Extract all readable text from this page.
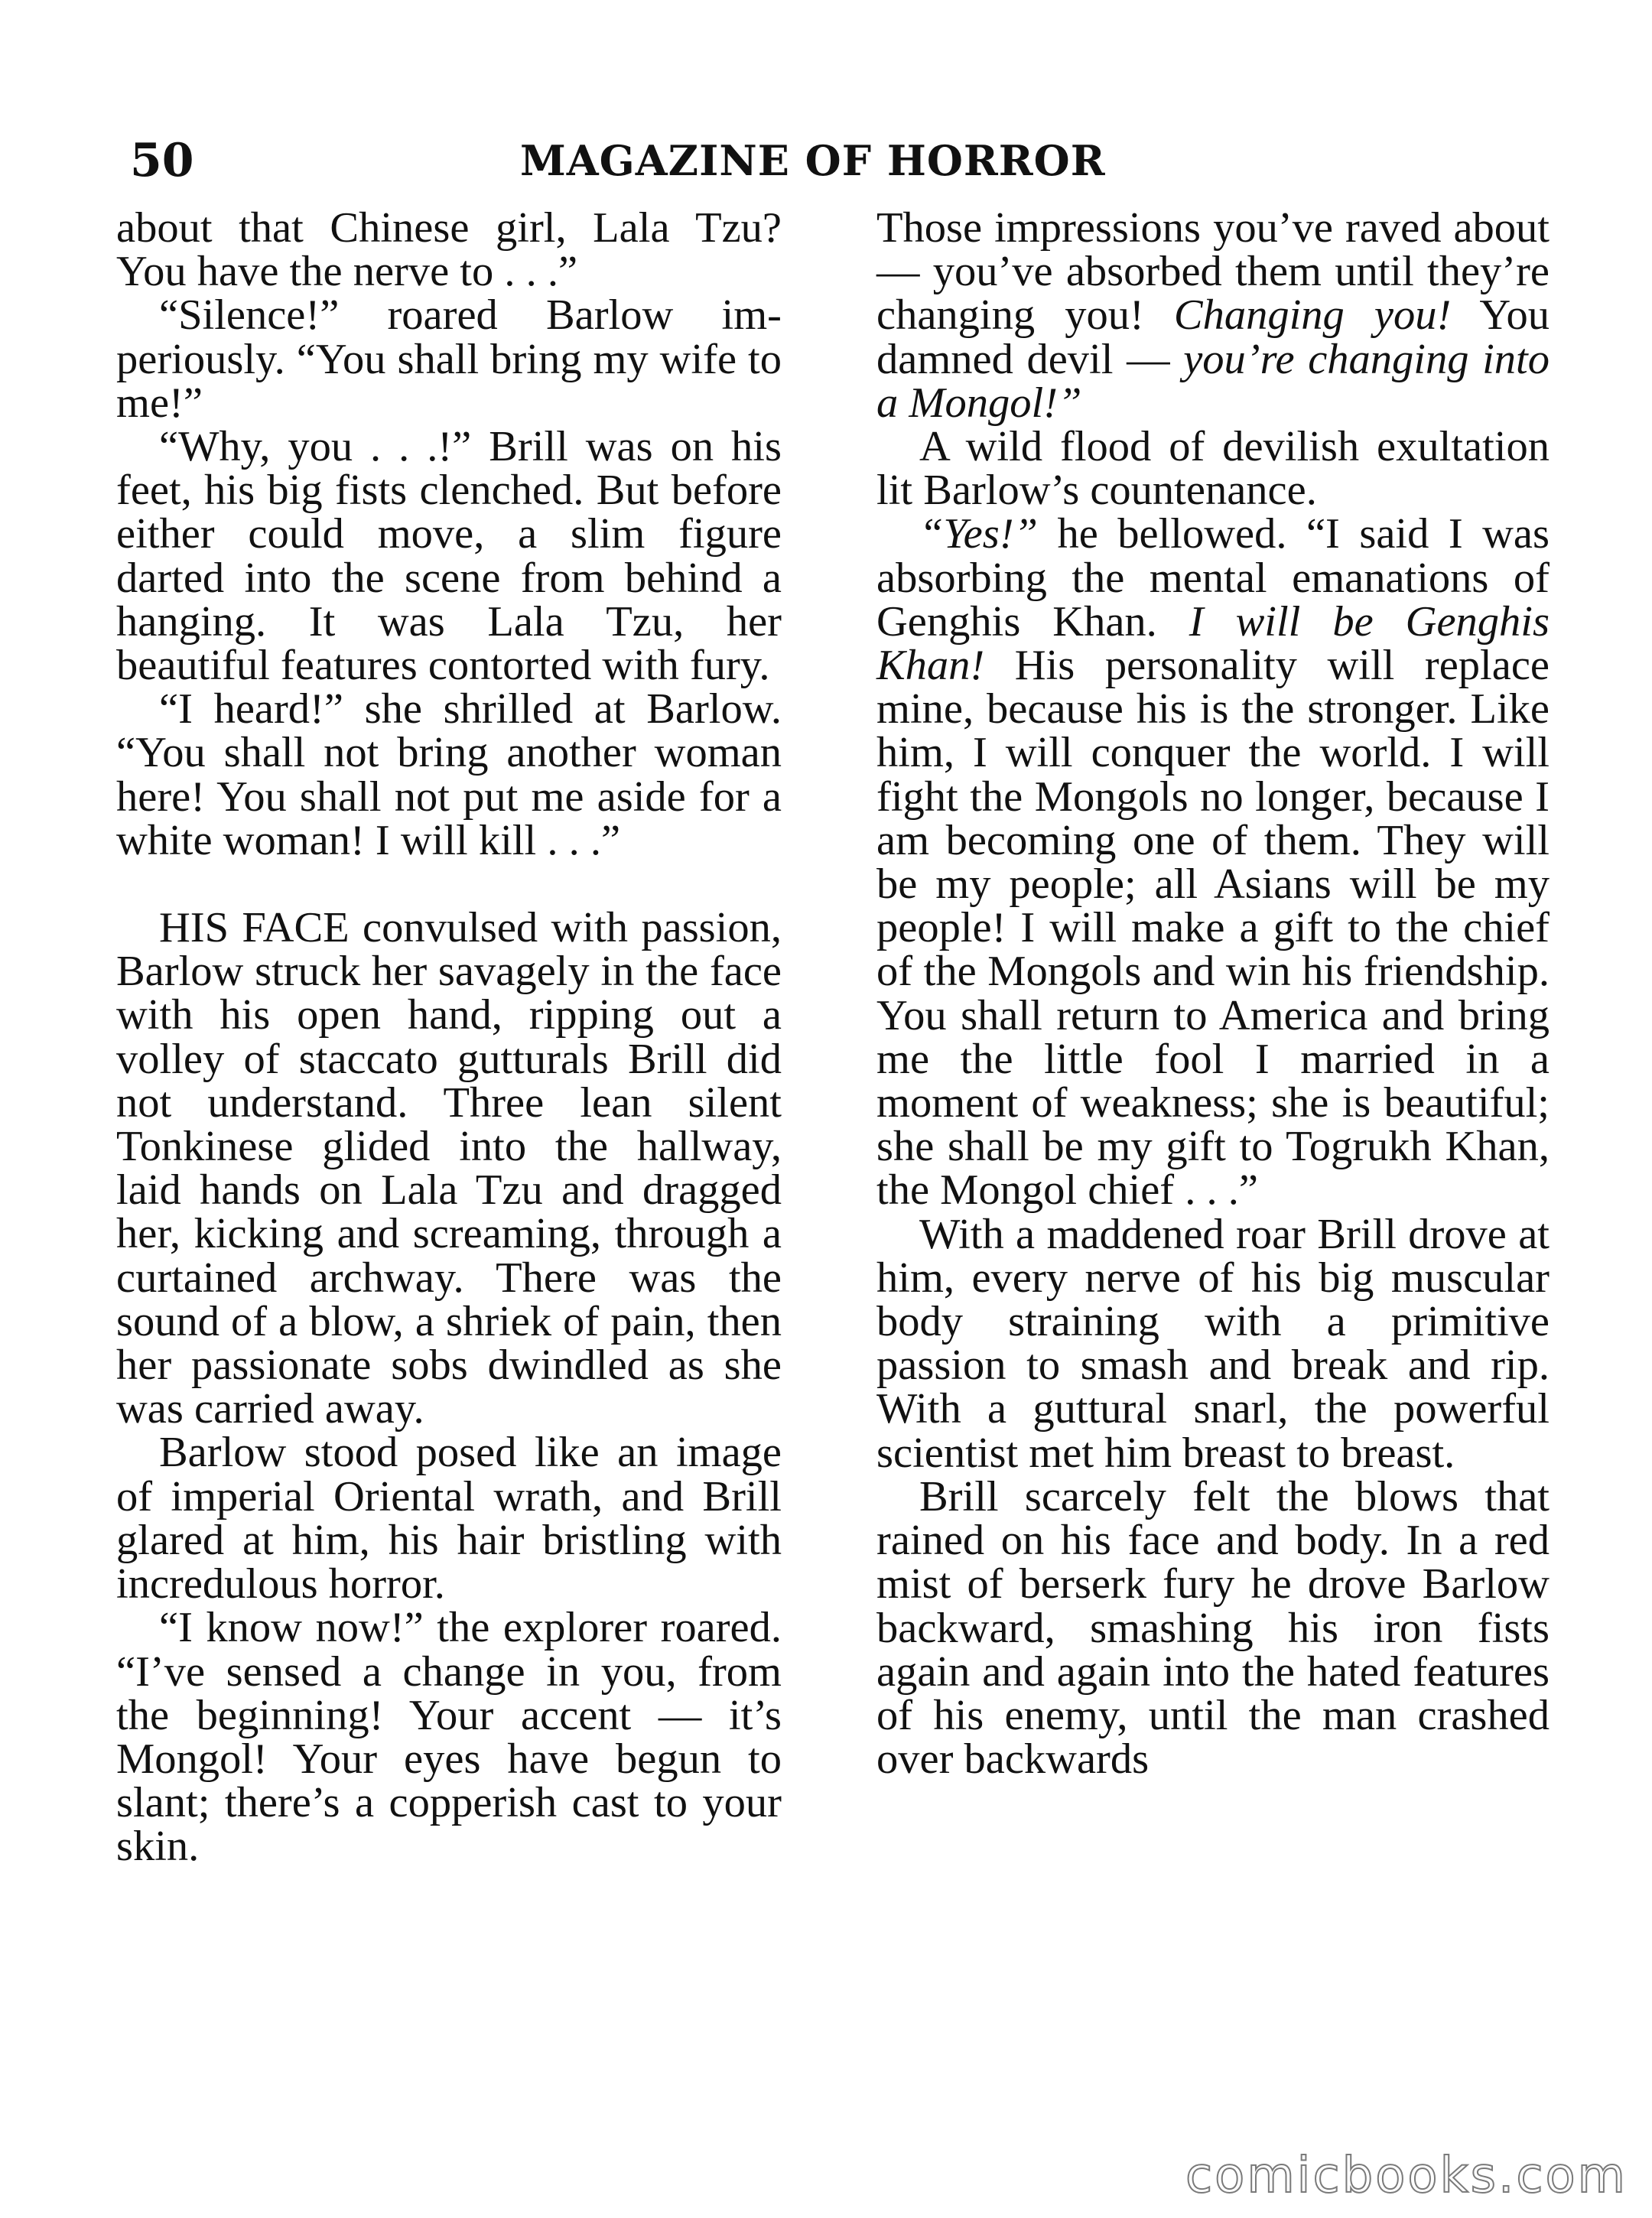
50	MAGAZINE OF HORROR

about that Chinese girl, Lala Tzu? You have the nerve to . . .”

“Silence!” roared Barlow imperiously. “You shall bring my wife to me!”

“Why, you . . .!” Brill was on his feet, his big fists clenched. But before either could move, a slim figure darted into the scene from behind a hanging. It was Lala Tzu, her beautiful features contorted with fury.

“I heard!” she shrilled at Barlow. “You shall not bring another woman here! You shall not put me aside for a white woman! I will kill . . .”

HIS FACE convulsed with passion, Barlow struck her savagely in the face with his open hand, ripping out a volley of staccato gutturals Brill did not understand. Three lean silent Tonkinese glided into the hallway, laid hands on Lala Tzu and dragged her, kicking and screaming, through a curtained archway. There was the sound of a blow, a shriek of pain, then her passionate sobs dwindled as she was carried away.

Barlow stood posed like an image of imperial Oriental wrath, and Brill glared at him, his hair bristling with incredulous horror.

“I know now!” the explorer roared. “I’ve sensed a change in you, from the beginning! Your accent — it’s Mongol! Your eyes have begun to slant; there’s a copperish cast to your skin.

Those impressions you’ve raved about — you’ve absorbed them until they’re changing you! Changing you! You damned devil — you’re changing into a Mongol!”

A wild flood of devilish exultation lit Barlow’s countenance.

“Yes!” he bellowed. “I said I was absorbing the mental emanations of Genghis Khan. I will be Genghis Khan! His personality will replace mine, because his is the stronger. Like him, I will conquer the world. I will fight the Mongols no longer, because I am becoming one of them. They will be my people; all Asians will be my people! I will make a gift to the chief of the Mongols and win his friendship. You shall return to America and bring me the little fool I married in a moment of weakness; she is beautiful; she shall be my gift to Togrukh Khan, the Mongol chief . . .”

With a maddened roar Brill drove at him, every nerve of his big muscular body straining with a primitive passion to smash and break and rip. With a guttural snarl, the powerful scientist met him breast to breast.

Brill scarcely felt the blows that rained on his face and body. In a red mist of berserk fury he drove Barlow backward, smashing his iron fists again and again into the hated features of his enemy, until the man crashed over backwards

comicbooks.com
